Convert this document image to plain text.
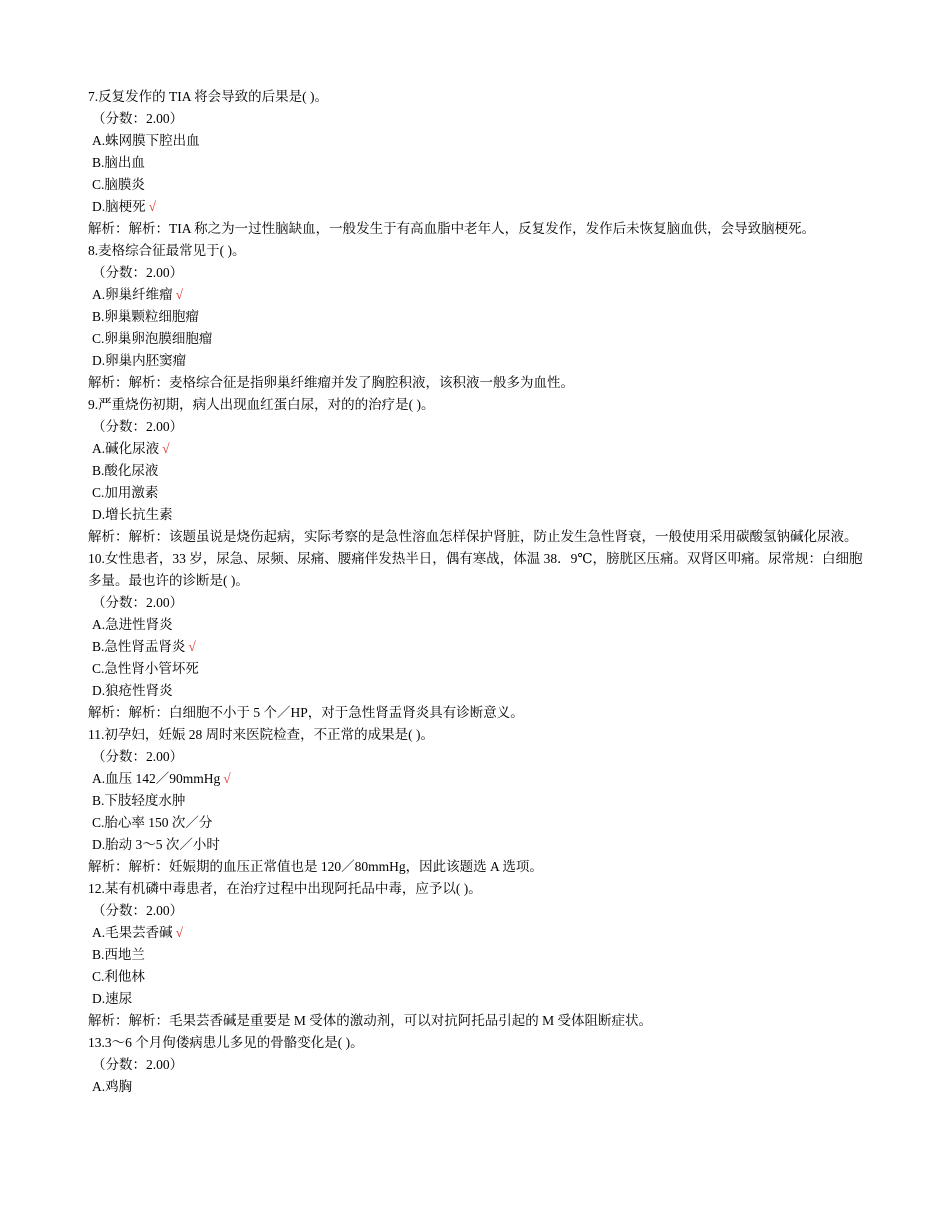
7.反复发作的 TIA 将会导致的后果是( )。
（分数：2.00）
A.蛛网膜下腔出血
B.脑出血
C.脑膜炎
D.脑梗死 √
解析：解析：TIA 称之为一过性脑缺血，一般发生于有高血脂中老年人，反复发作，发作后未恢复脑血供，会导致脑梗死。
8.麦格综合征最常见于( )。
（分数：2.00）
A.卵巢纤维瘤 √
B.卵巢颗粒细胞瘤
C.卵巢卵泡膜细胞瘤
D.卵巢内胚窦瘤
解析：解析：麦格综合征是指卵巢纤维瘤并发了胸腔积液，该积液一般多为血性。
9.严重烧伤初期，病人出现血红蛋白尿，对的的治疗是( )。
（分数：2.00）
A.碱化尿液 √
B.酸化尿液
C.加用激素
D.增长抗生素
解析：解析：该题虽说是烧伤起病，实际考察的是急性溶血怎样保护肾脏，防止发生急性肾衰，一般使用采用碳酸氢钠碱化尿液。
10.女性患者，33 岁，尿急、尿频、尿痛、腰痛伴发热半日，偶有寒战，体温 38．9℃，膀胱区压痛。双肾区叩痛。尿常规：白细胞多量。最也许的诊断是( )。
（分数：2.00）
A.急进性肾炎
B.急性肾盂肾炎 √
C.急性肾小管坏死
D.狼疮性肾炎
解析：解析：白细胞不小于 5 个／HP，对于急性肾盂肾炎具有诊断意义。
11.初孕妇，妊娠 28 周时来医院检查，不正常的成果是( )。
（分数：2.00）
A.血压 142／90mmHg √
B.下肢轻度水肿
C.胎心率 150 次／分
D.胎动 3～5 次／小时
解析：解析：妊娠期的血压正常值也是 120／80mmHg，因此该题选 A 选项。
12.某有机磷中毒患者，在治疗过程中出现阿托品中毒，应予以( )。
（分数：2.00）
A.毛果芸香碱 √
B.西地兰
C.利他林
D.速尿
解析：解析：毛果芸香碱是重要是 M 受体的激动剂，可以对抗阿托品引起的 M 受体阻断症状。
13.3～6 个月佝偻病患儿多见的骨骼变化是( )。
（分数：2.00）
A.鸡胸
